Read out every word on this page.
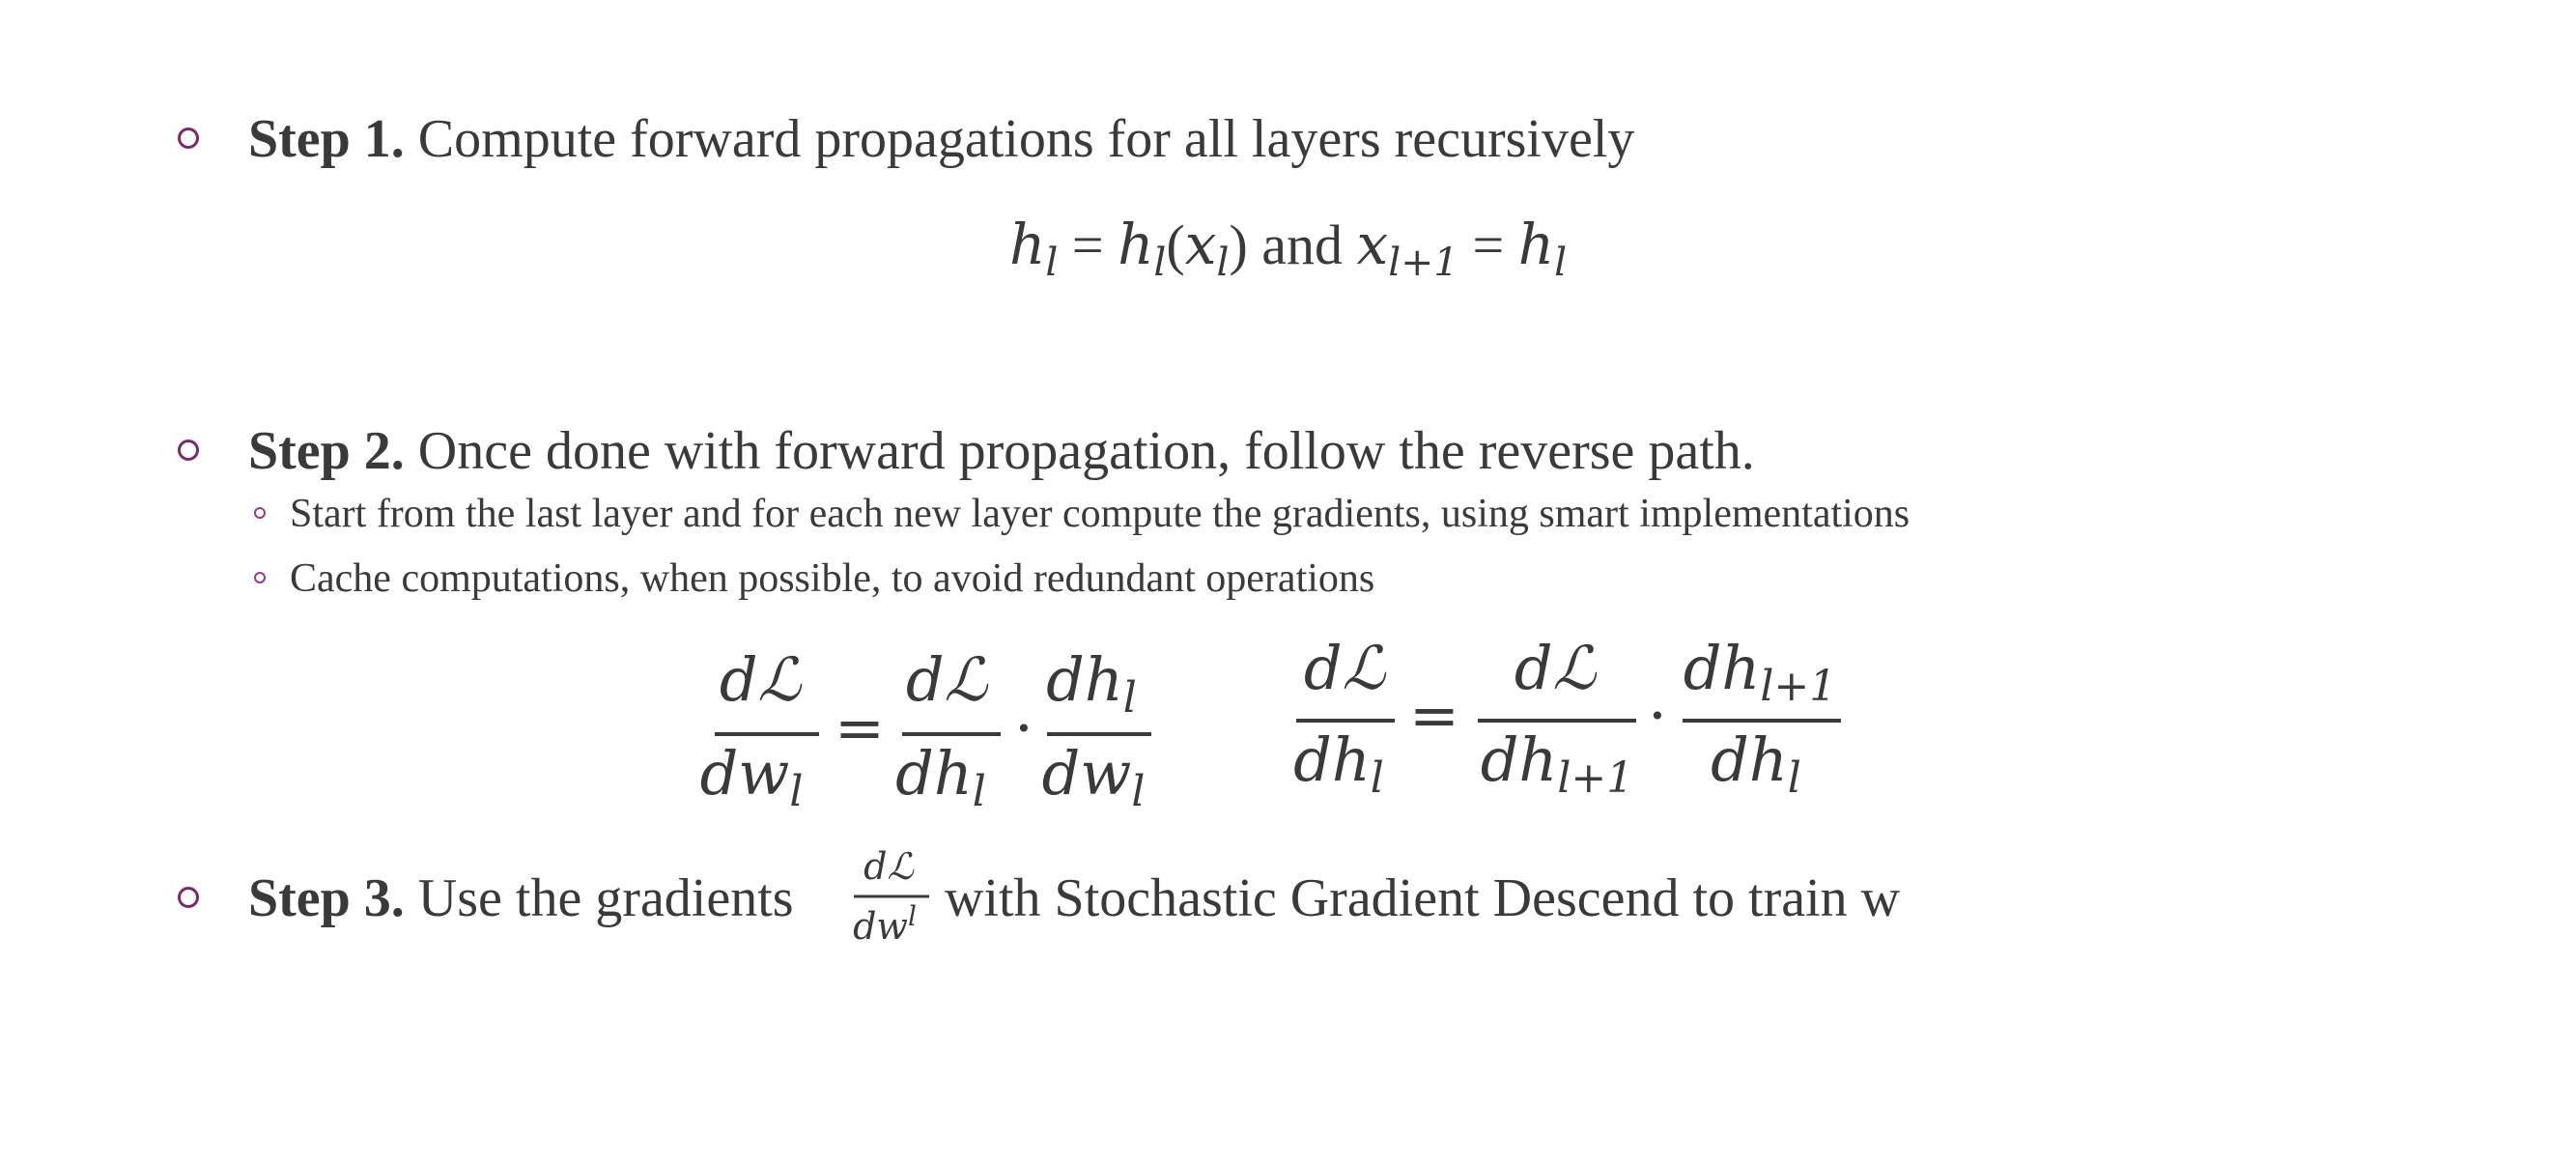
Step 1. Compute forward propagations for all layers recursively
$h_l = h_l(x_l)$ and $x_{l+1} = h_l$
Step 2. Once done with forward propagation, follow the reverse path.
Start from the last layer and for each new layer compute the gradients, using smart implementations
Cache computations, when possible, to avoid redundant operations
dℒ
dwl
=
dℒ
dhl
·
dhl
dwl
dℒ
dhl
=
dℒ
dhl+1
·
dhl+1
dhl
dℒ
$dw^l$
Step 3. Use the gradients	with Stochastic Gradient Descend to train w
